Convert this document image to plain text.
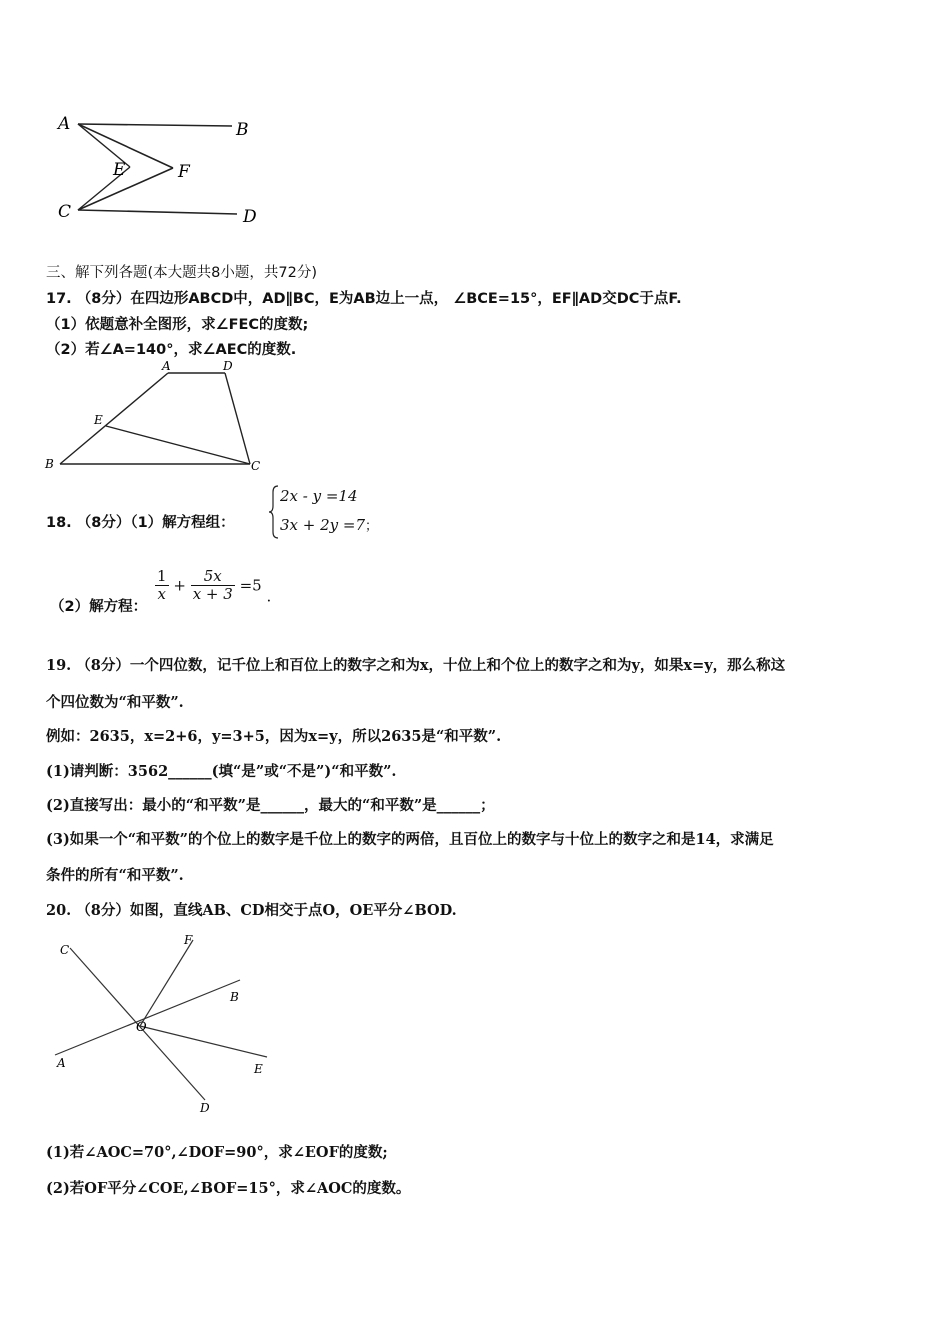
A	B
E	F
C	D
三、解下列各题(本大题共8小题，共72分)
17. （8分）在四边形ABCD中，AD∥BC，E为AB边上一点， ∠BCE=15°，EF∥AD交DC于点F.
（1）依题意补全图形，求∠FEC的度数;
（2）若∠A=140°，求∠AEC的度数.
A	D
E
B	C
18. （8分）（1）解方程组：
2x - y =14
3x + 2y =7；
（2）解方程：
$\frac{1}{x} + \frac{5x}{x + 3} =5$ .
19. （8分）一个四位数，记千位上和百位上的数字之和为x，十位上和个位上的数字之和为y，如果x=y，那么称这
个四位数为“和平数”.
例如：2635，x=2+6，y=3+5，因为x=y，所以2635是“和平数”.
(1)请判断：3562______(填“是”或“不是”)“和平数”.
(2)直接写出：最小的“和平数”是______，最大的“和平数”是______；
(3)如果一个“和平数”的个位上的数字是千位上的数字的两倍，且百位上的数字与十位上的数字之和是14，求满足
条件的所有“和平数”.
20. （8分）如图，直线AB、CD相交于点O，OE平分∠BOD.
C
F
B
O
A	E
D
(1)若∠AOC=70°,∠DOF=90°，求∠EOF的度数;
(2)若OF平分∠COE,∠BOF=15°，求∠AOC的度数。
